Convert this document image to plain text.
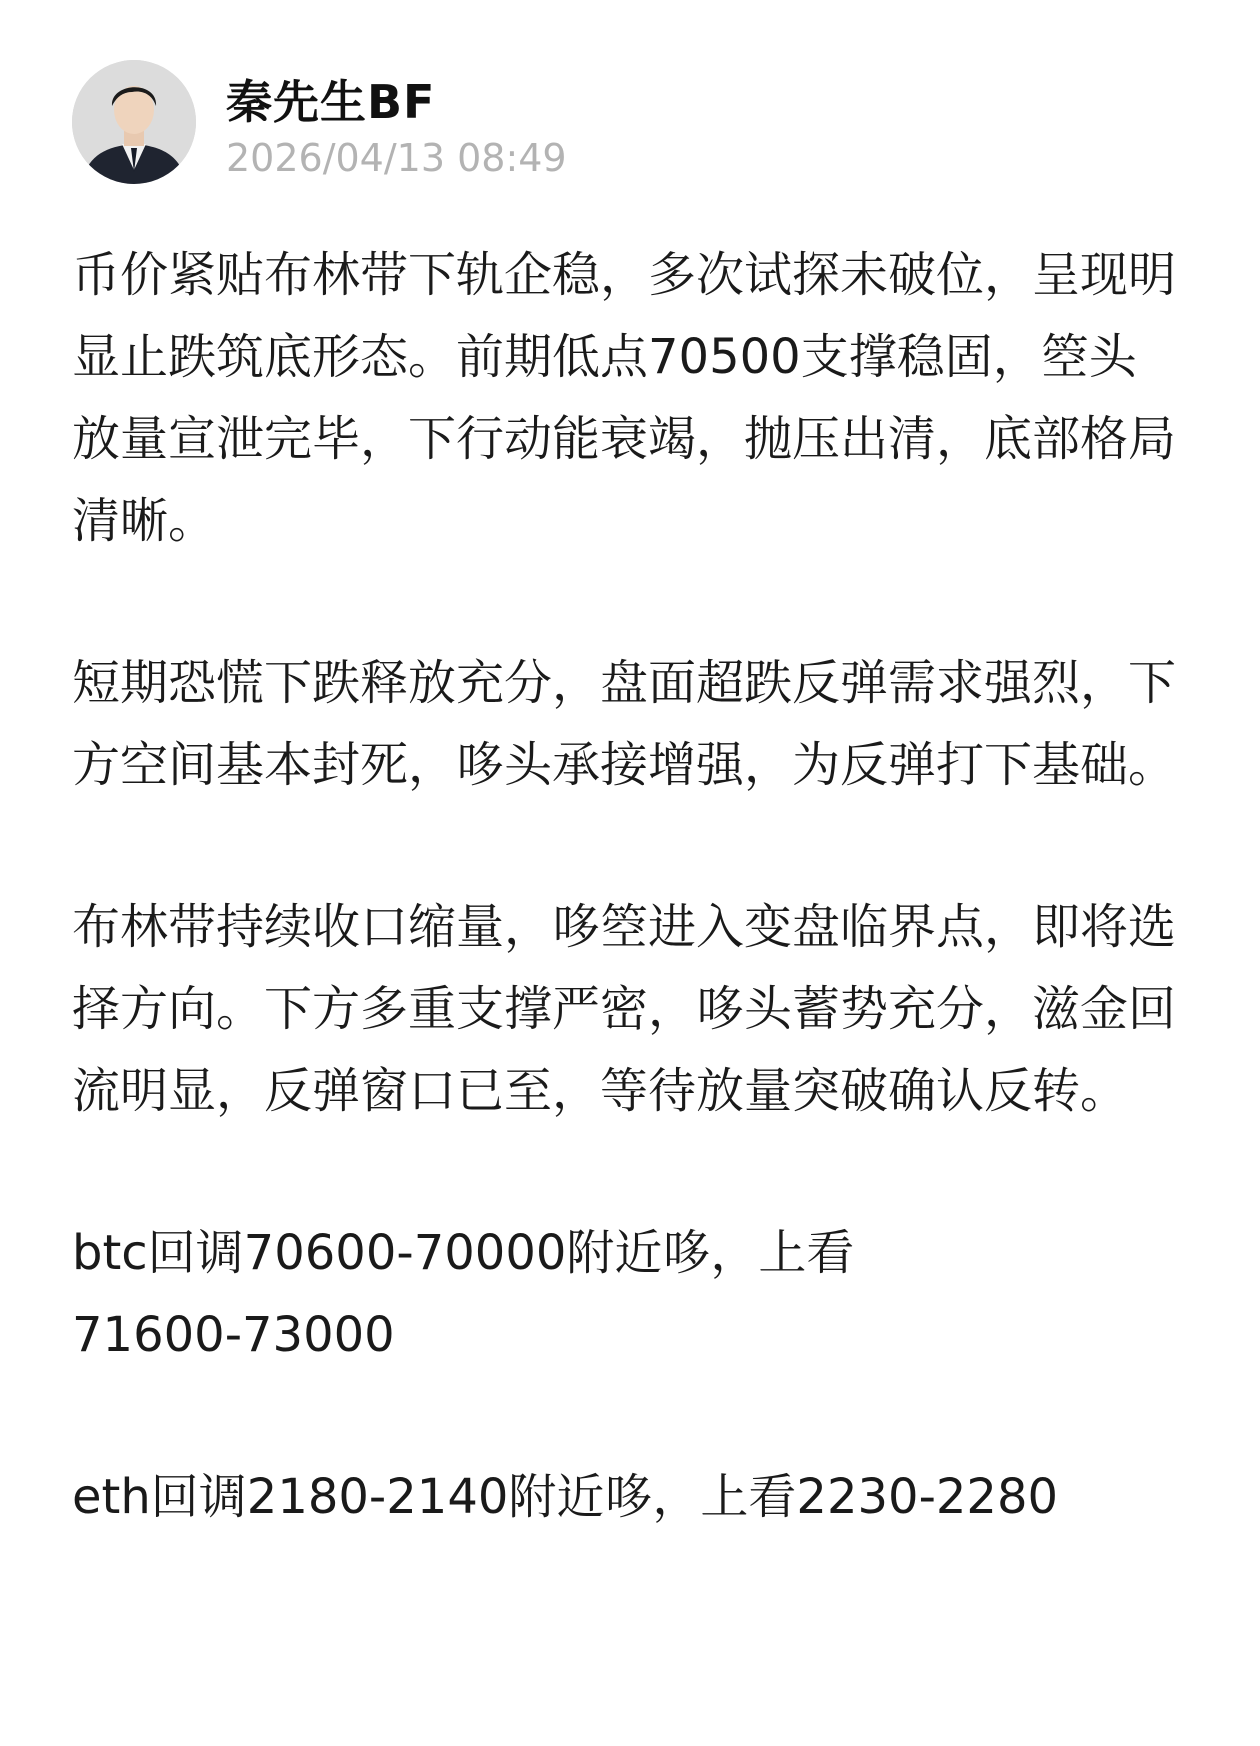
秦先生BF
2026/04/13 08:49

币价紧贴布林带下轨企稳，多次试探未破位，呈现明显止跌筑底形态。前期低点70500支撑稳固，箜头放量宣泄完毕，下行动能衰竭，抛压出清，底部格局清晰。

短期恐慌下跌释放充分，盘面超跌反弹需求强烈，下方空间基本封死，哆头承接增强，为反弹打下基础。

布林带持续收口缩量，哆箜进入变盘临界点，即将选择方向。下方多重支撑严密，哆头蓄势充分，滋金回流明显，反弹窗口已至，等待放量突破确认反转。

btc回调70600-70000附近哆，上看
71600-73000

eth回调2180-2140附近哆，上看2230-2280
